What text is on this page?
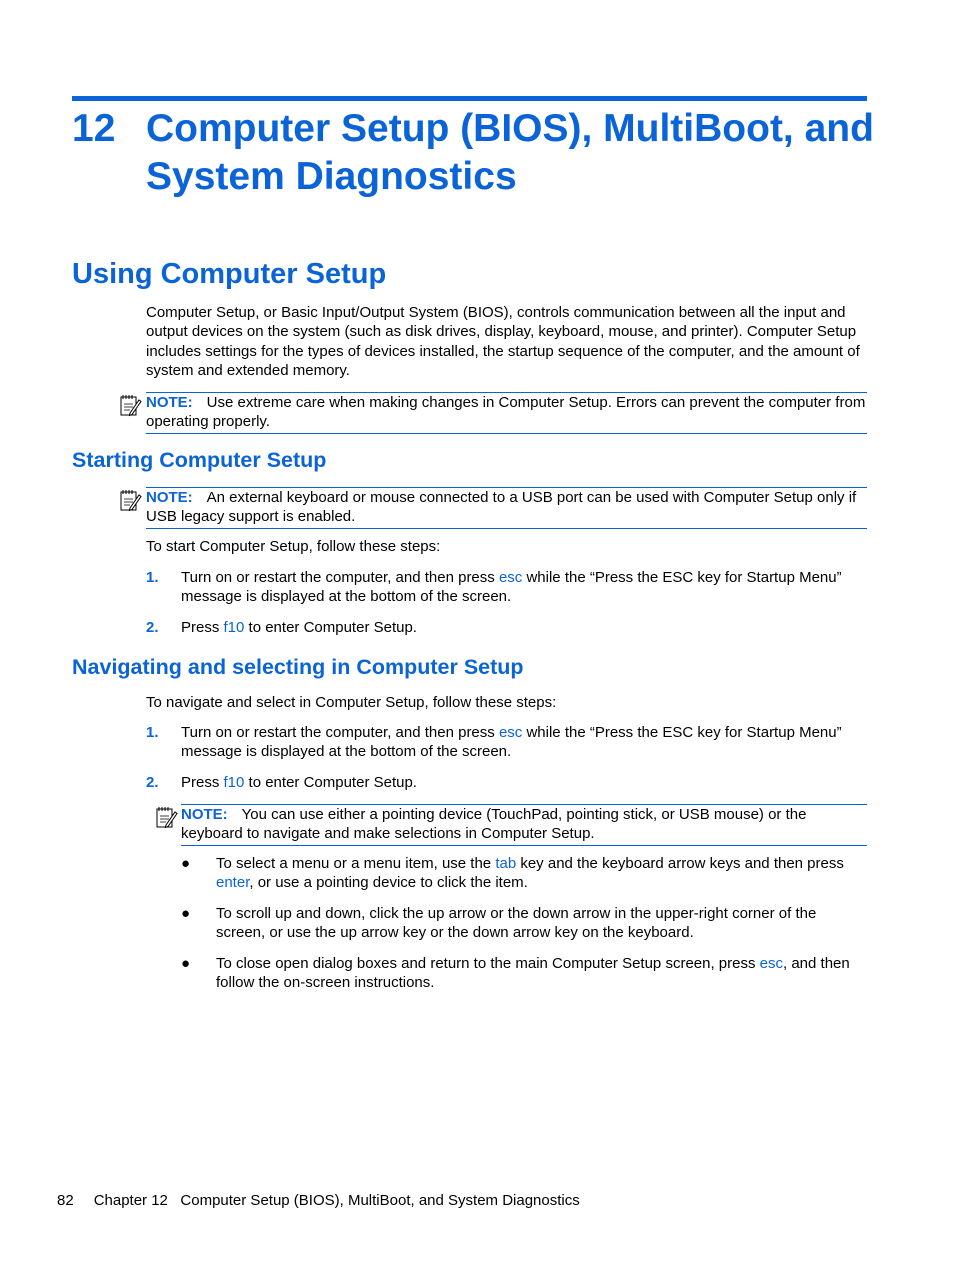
12 Computer Setup (BIOS), MultiBoot, and System Diagnostics
Using Computer Setup
Computer Setup, or Basic Input/Output System (BIOS), controls communication between all the input and output devices on the system (such as disk drives, display, keyboard, mouse, and printer). Computer Setup includes settings for the types of devices installed, the startup sequence of the computer, and the amount of system and extended memory.
NOTE: Use extreme care when making changes in Computer Setup. Errors can prevent the computer from operating properly.
Starting Computer Setup
NOTE: An external keyboard or mouse connected to a USB port can be used with Computer Setup only if USB legacy support is enabled.
To start Computer Setup, follow these steps:
1. Turn on or restart the computer, and then press esc while the “Press the ESC key for Startup Menu” message is displayed at the bottom of the screen.
2. Press f10 to enter Computer Setup.
Navigating and selecting in Computer Setup
To navigate and select in Computer Setup, follow these steps:
1. Turn on or restart the computer, and then press esc while the “Press the ESC key for Startup Menu” message is displayed at the bottom of the screen.
2. Press f10 to enter Computer Setup.
NOTE: You can use either a pointing device (TouchPad, pointing stick, or USB mouse) or the keyboard to navigate and make selections in Computer Setup.
● To select a menu or a menu item, use the tab key and the keyboard arrow keys and then press enter, or use a pointing device to click the item.
● To scroll up and down, click the up arrow or the down arrow in the upper-right corner of the screen, or use the up arrow key or the down arrow key on the keyboard.
● To close open dialog boxes and return to the main Computer Setup screen, press esc, and then follow the on-screen instructions.
82 Chapter 12   Computer Setup (BIOS), MultiBoot, and System Diagnostics
